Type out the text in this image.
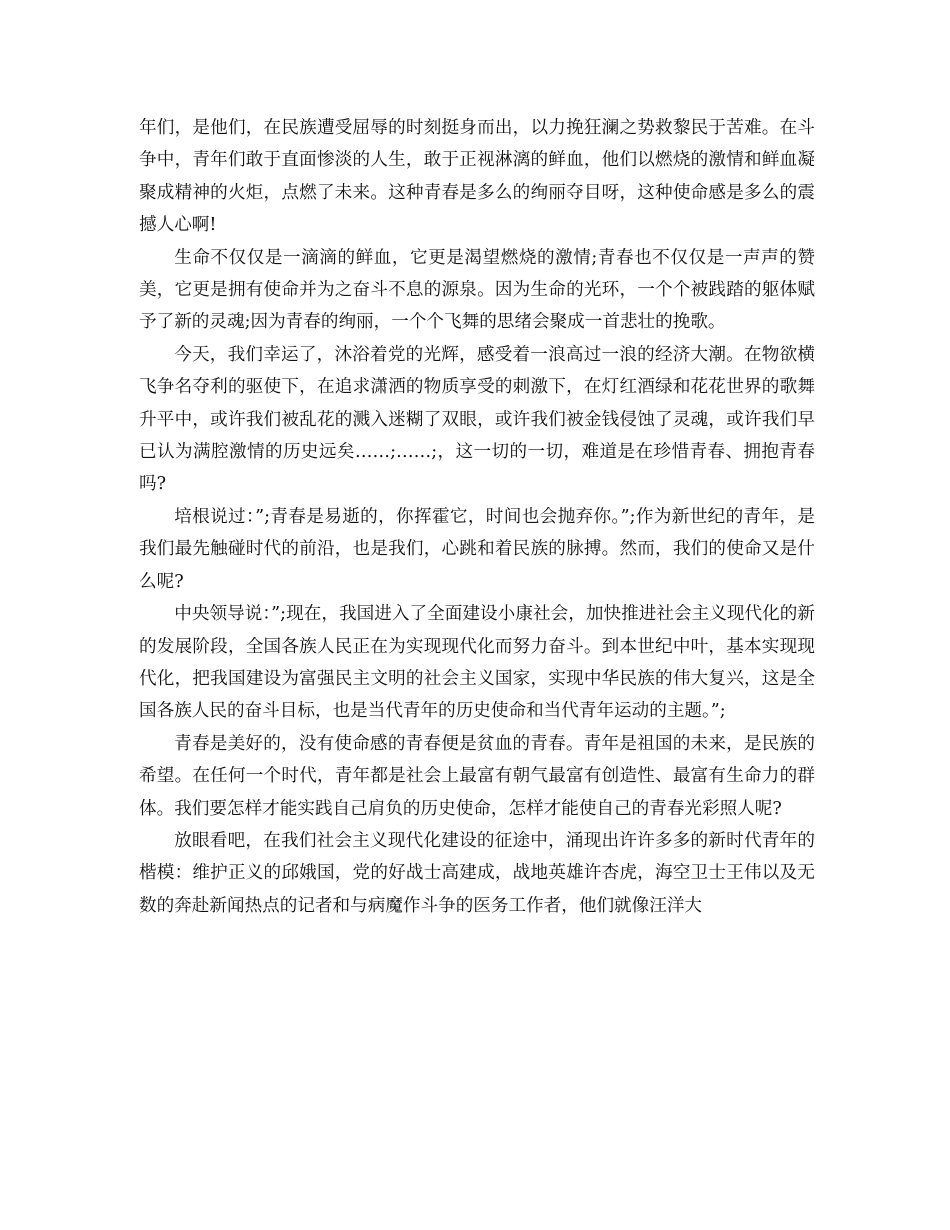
年们，是他们，在民族遭受屈辱的时刻挺身而出，以力挽狂澜之势救黎民于苦难。在斗争中，青年们敢于直面惨淡的人生，敢于正视淋漓的鲜血，他们以燃烧的激情和鲜血凝聚成精神的火炬，点燃了未来。这种青春是多么的绚丽夺目呀，这种使命感是多么的震撼人心啊!

生命不仅仅是一滴滴的鲜血，它更是渴望燃烧的激情;青春也不仅仅是一声声的赞美，它更是拥有使命并为之奋斗不息的源泉。因为生命的光环，一个个被践踏的躯体赋予了新的灵魂;因为青春的绚丽，一个个飞舞的思绪会聚成一首悲壮的挽歌。

今天，我们幸运了，沐浴着党的光辉，感受着一浪高过一浪的经济大潮。在物欲横飞争名夺利的驱使下，在追求潇洒的物质享受的刺激下，在灯红酒绿和花花世界的歌舞升平中，或许我们被乱花的溅入迷糊了双眼，或许我们被金钱侵蚀了灵魂，或许我们早已认为满腔激情的历史远矣……;……;，这一切的一切，难道是在珍惜青春、拥抱青春吗?

培根说过：”;青春是易逝的，你挥霍它，时间也会抛弃你。”;作为新世纪的青年，是我们最先触碰时代的前沿，也是我们，心跳和着民族的脉搏。然而，我们的使命又是什么呢?

中央领导说：”;现在，我国进入了全面建设小康社会，加快推进社会主义现代化的新的发展阶段，全国各族人民正在为实现现代化而努力奋斗。到本世纪中叶，基本实现现代化，把我国建设为富强民主文明的社会主义国家，实现中华民族的伟大复兴，这是全国各族人民的奋斗目标，也是当代青年的历史使命和当代青年运动的主题。”;

青春是美好的，没有使命感的青春便是贫血的青春。青年是祖国的未来，是民族的希望。在任何一个时代，青年都是社会上最富有朝气最富有创造性、最富有生命力的群体。我们要怎样才能实践自己肩负的历史使命，怎样才能使自己的青春光彩照人呢?

放眼看吧，在我们社会主义现代化建设的征途中，涌现出许许多多的新时代青年的楷模：维护正义的邱娥国，党的好战士高建成，战地英雄许杏虎，海空卫士王伟以及无数的奔赴新闻热点的记者和与病魔作斗争的医务工作者，他们就像汪洋大
